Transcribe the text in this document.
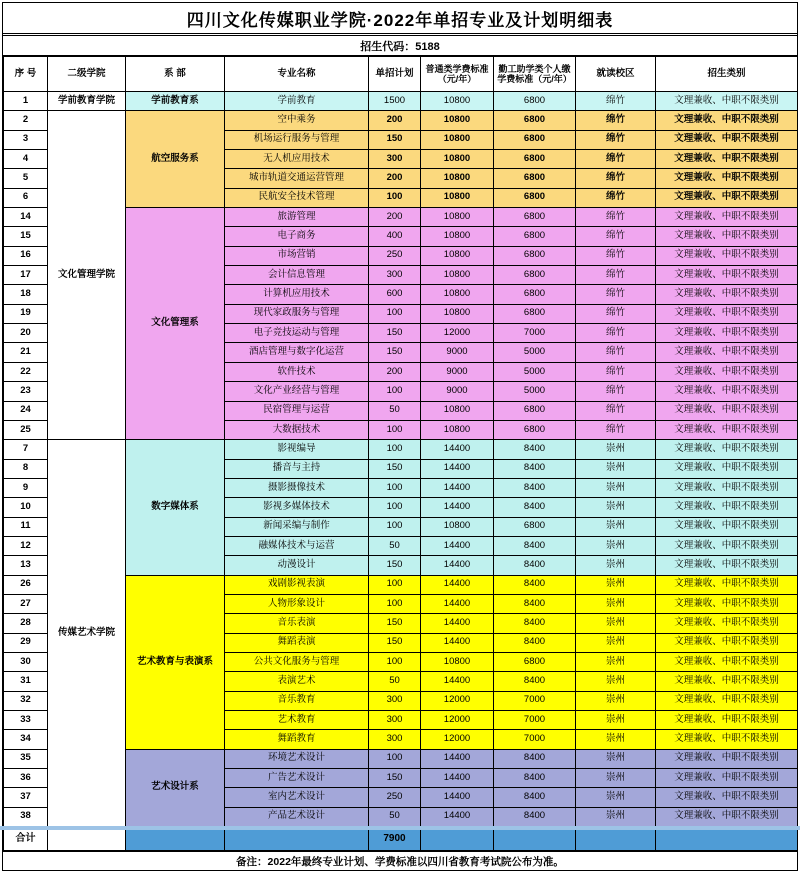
四川文化传媒职业学院·2022年单招专业及计划明细表
招生代码：5188
序 号	二级学院	系 部	专业名称	单招计划	普通类学费标准（元/年）	勤工助学类个人缴学费标准（元/年）	就读校区	招生类别
1	学前教育学院	学前教育系	学前教育	1500	10800	6800	绵竹	文理兼收、中职不限类别
2	文化管理学院	航空服务系	空中乘务	200	10800	6800	绵竹	文理兼收、中职不限类别
3			机场运行服务与管理	150	10800	6800	绵竹	文理兼收、中职不限类别
4			无人机应用技术	300	10800	6800	绵竹	文理兼收、中职不限类别
5			城市轨道交通运营管理	200	10800	6800	绵竹	文理兼收、中职不限类别
6			民航安全技术管理	100	10800	6800	绵竹	文理兼收、中职不限类别
14		文化管理系	旅游管理	200	10800	6800	绵竹	文理兼收、中职不限类别
15			电子商务	400	10800	6800	绵竹	文理兼收、中职不限类别
16			市场营销	250	10800	6800	绵竹	文理兼收、中职不限类别
17			会计信息管理	300	10800	6800	绵竹	文理兼收、中职不限类别
18			计算机应用技术	600	10800	6800	绵竹	文理兼收、中职不限类别
19			现代家政服务与管理	100	10800	6800	绵竹	文理兼收、中职不限类别
20			电子竞技运动与管理	150	12000	7000	绵竹	文理兼收、中职不限类别
21			酒店管理与数字化运营	150	9000	5000	绵竹	文理兼收、中职不限类别
22			软件技术	200	9000	5000	绵竹	文理兼收、中职不限类别
23			文化产业经营与管理	100	9000	5000	绵竹	文理兼收、中职不限类别
24			民宿管理与运营	50	10800	6800	绵竹	文理兼收、中职不限类别
25			大数据技术	100	10800	6800	绵竹	文理兼收、中职不限类别
7	传媒艺术学院	数字媒体系	影视编导	100	14400	8400	崇州	文理兼收、中职不限类别
8			播音与主持	150	14400	8400	崇州	文理兼收、中职不限类别
9			摄影摄像技术	100	14400	8400	崇州	文理兼收、中职不限类别
10			影视多媒体技术	100	14400	8400	崇州	文理兼收、中职不限类别
11			新闻采编与制作	100	10800	6800	崇州	文理兼收、中职不限类别
12			融媒体技术与运营	50	14400	8400	崇州	文理兼收、中职不限类别
13			动漫设计	150	14400	8400	崇州	文理兼收、中职不限类别
26		艺术教育与表演系	戏剧影视表演	100	14400	8400	崇州	文理兼收、中职不限类别
27			人物形象设计	100	14400	8400	崇州	文理兼收、中职不限类别
28			音乐表演	150	14400	8400	崇州	文理兼收、中职不限类别
29			舞蹈表演	150	14400	8400	崇州	文理兼收、中职不限类别
30			公共文化服务与管理	100	10800	6800	崇州	文理兼收、中职不限类别
31			表演艺术	50	14400	8400	崇州	文理兼收、中职不限类别
32			音乐教育	300	12000	7000	崇州	文理兼收、中职不限类别
33			艺术教育	300	12000	7000	崇州	文理兼收、中职不限类别
34			舞蹈教育	300	12000	7000	崇州	文理兼收、中职不限类别
35		艺术设计系	环境艺术设计	100	14400	8400	崇州	文理兼收、中职不限类别
36			广告艺术设计	150	14400	8400	崇州	文理兼收、中职不限类别
37			室内艺术设计	250	14400	8400	崇州	文理兼收、中职不限类别
38			产品艺术设计	50	14400	8400	崇州	文理兼收、中职不限类别
合计				7900				
备注：2022年最终专业计划、学费标准以四川省教育考试院公布为准。
